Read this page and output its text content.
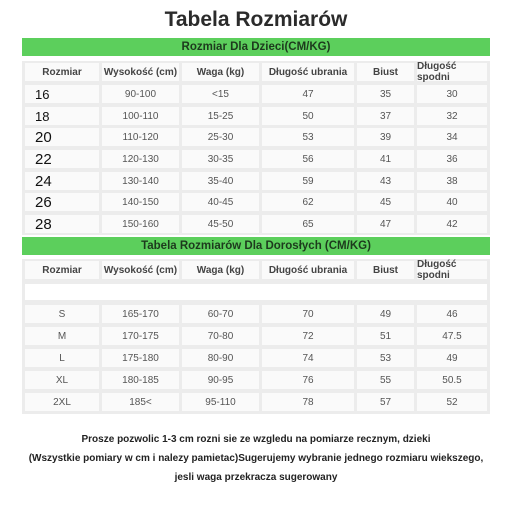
Tabela Rozmiarów
Rozmiar Dla Dzieci(CM/KG)
Rozmiar	Wysokość (cm)	Waga (kg)	Długość ubrania	Biust	Długość spodni
16	90-100	<15	47	35	30
18	100-110	15-25	50	37	32
20	110-120	25-30	53	39	34
22	120-130	30-35	56	41	36
24	130-140	35-40	59	43	38
26	140-150	40-45	62	45	40
28	150-160	45-50	65	47	42
Tabela Rozmiarów Dla Dorosłych (CM/KG)
Rozmiar	Wysokość (cm)	Waga (kg)	Długość ubrania	Biust	Długość spodni
S	165-170	60-70	70	49	46
M	170-175	70-80	72	51	47.5
L	175-180	80-90	74	53	49
XL	180-185	90-95	76	55	50.5
2XL	185<	95-110	78	57	52
Prosze pozwolic 1-3 cm rozni sie ze wzgledu na pomiarze recznym, dzieki
(Wszystkie pomiary w cm i nalezy pamietac)Sugerujemy wybranie jednego rozmiaru wiekszego,
jesli waga przekracza sugerowany
